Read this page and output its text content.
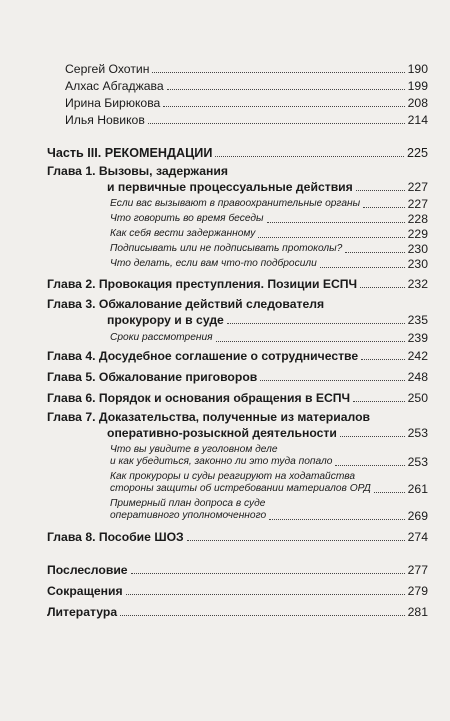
Сергей Охотин	190
Алхас Абгаджава	199
Ирина Бирюкова	208
Илья Новиков	214
Часть III. РЕКОМЕНДАЦИИ	225
Глава 1. Вызовы, задержания
и первичные процессуальные действия	227
Если вас вызывают в правоохранительные органы	227
Что говорить во время беседы	228
Как себя вести задержанному	229
Подписывать или не подписывать протоколы?	230
Что делать, если вам что-то подбросили	230
Глава 2. Провокация преступления. Позиции ЕСПЧ	232
Глава 3. Обжалование действий следователя
прокурору и в суде	235
Сроки рассмотрения	239
Глава 4. Досудебное соглашение о сотрудничестве	242
Глава 5. Обжалование приговоров	248
Глава 6. Порядок и основания обращения в ЕСПЧ	250
Глава 7. Доказательства, полученные из материалов
оперативно-розыскной деятельности	253
Что вы увидите в уголовном деле
и как убедиться, законно ли это туда попало	253
Как прокуроры и суды реагируют на ходатайства
стороны защиты об истребовании материалов ОРД	261
Примерный план допроса в суде
оперативного уполномоченного	269
Глава 8. Пособие ШОЗ	274
Послесловие	277
Сокращения	279
Литература	281
